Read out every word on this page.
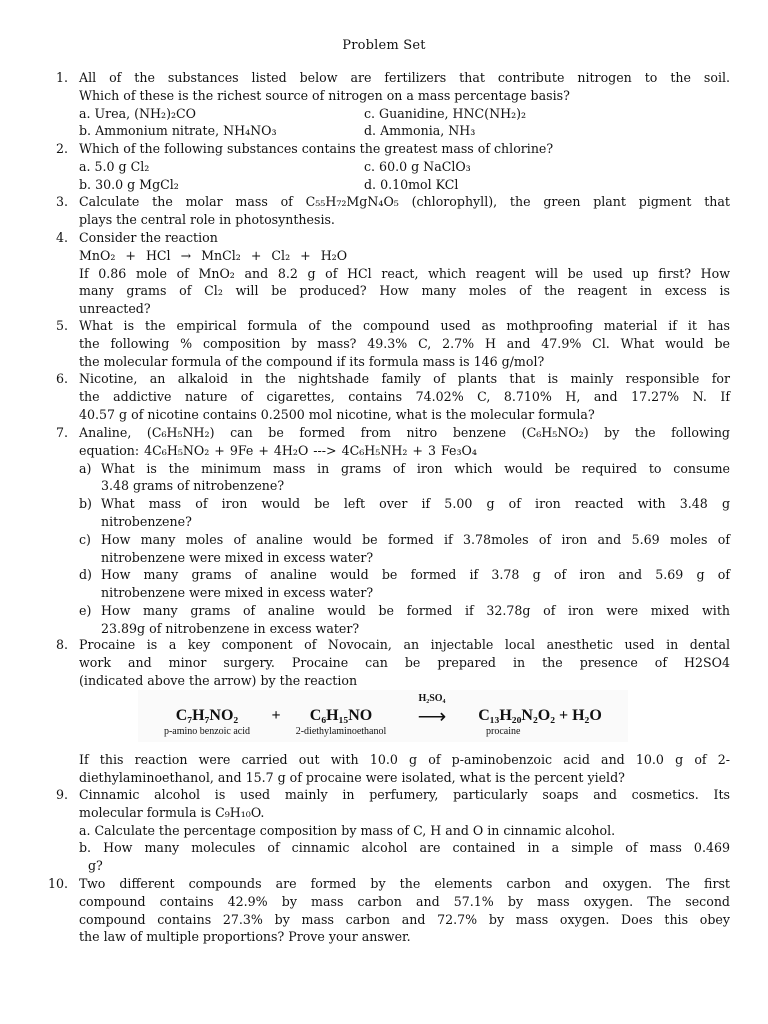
Problem Set
1. All of the substances listed below are fertilizers that contribute nitrogen to the soil.
Which of these is the richest source of nitrogen on a mass percentage basis?
a. Urea, (NH₂)₂CO	c. Guanidine, HNC(NH₂)₂
b. Ammonium nitrate, NH₄NO₃	d. Ammonia, NH₃
2. Which of the following substances contains the greatest mass of chlorine?
a. 5.0 g Cl₂	c. 60.0 g NaClO₃
b. 30.0 g MgCl₂	d. 0.10mol KCl
3. Calculate the molar mass of C₅₅H₇₂MgN₄O₅ (chlorophyll), the green plant pigment that
plays the central role in photosynthesis.
4. Consider the reaction
MnO₂ + HCl → MnCl₂ + Cl₂ + H₂O
If 0.86 mole of MnO₂ and 8.2 g of HCl react, which reagent will be used up first? How
many grams of Cl₂ will be produced? How many moles of the reagent in excess is
unreacted?
5. What is the empirical formula of the compound used as mothproofing material if it has
the following % composition by mass? 49.3% C, 2.7% H and 47.9% Cl. What would be
the molecular formula of the compound if its formula mass is 146 g/mol?
6. Nicotine, an alkaloid in the nightshade family of plants that is mainly responsible for
the addictive nature of cigarettes, contains 74.02% C, 8.710% H, and 17.27% N. If
40.57 g of nicotine contains 0.2500 mol nicotine, what is the molecular formula?
7. Analine, (C₆H₅NH₂) can be formed from nitro benzene (C₆H₅NO₂) by the following
equation: 4C₆H₅NO₂ + 9Fe + 4H₂O ---> 4C₆H₅NH₂ + 3 Fe₃O₄
a) What is the minimum mass in grams of iron which would be required to consume
3.48 grams of nitrobenzene?
b) What mass of iron would be left over if 5.00 g of iron reacted with 3.48 g
nitrobenzene?
c) How many moles of analine would be formed if 3.78moles of iron and 5.69 moles of
nitrobenzene were mixed in excess water?
d) How many grams of analine would be formed if 3.78 g of iron and 5.69 g of
nitrobenzene were mixed in excess water?
e) How many grams of analine would be formed if 32.78g of iron were mixed with
23.89g of nitrobenzene in excess water?
8. Procaine is a key component of Novocain, an injectable local anesthetic used in dental
work and minor surgery. Procaine can be prepared in the presence of H2SO4
(indicated above the arrow) by the reaction
C₇H₇NO₂
p-amino benzoic acid
+	C₆H₁₅NO
2-diethylaminoethanol
H₂SO₄
⟶	C₁₃H₂₀N₂O₂ + H₂O
procaine
If this reaction were carried out with 10.0 g of p-aminobenzoic acid and 10.0 g of 2-
diethylaminoethanol, and 15.7 g of procaine were isolated, what is the percent yield?
9. Cinnamic alcohol is used mainly in perfumery, particularly soaps and cosmetics. Its
molecular formula is C₉H₁₀O.
a. Calculate the percentage composition by mass of C, H and O in cinnamic alcohol.
b. How many molecules of cinnamic alcohol are contained in a simple of mass 0.469
g?
10. Two different compounds are formed by the elements carbon and oxygen. The first
compound contains 42.9% by mass carbon and 57.1% by mass oxygen. The second
compound contains 27.3% by mass carbon and 72.7% by mass oxygen. Does this obey
the law of multiple proportions? Prove your answer.
